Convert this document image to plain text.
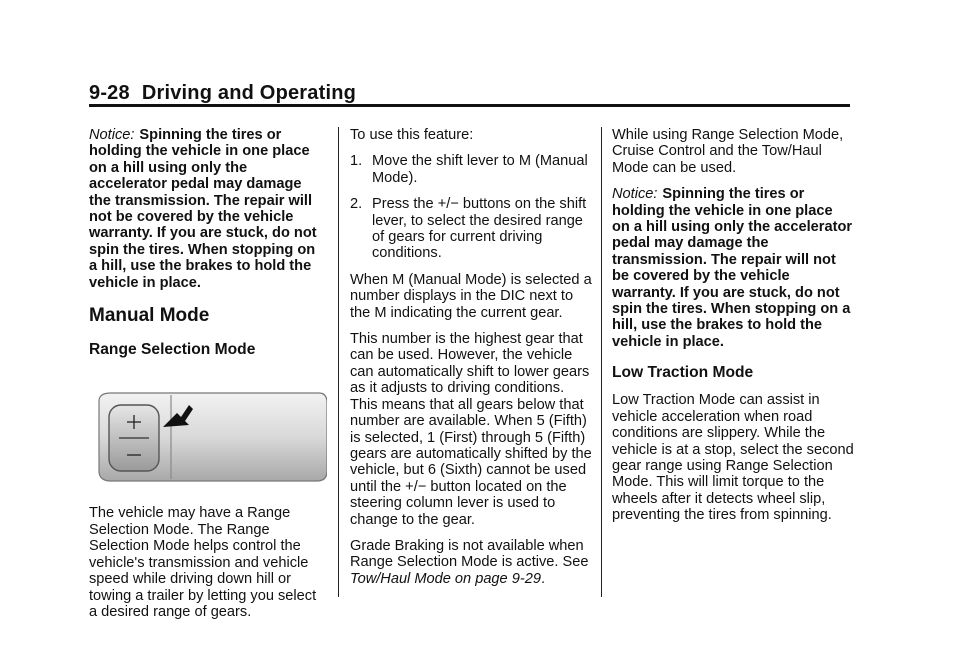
9-28 Driving and Operating

Notice: Spinning the tires or holding the vehicle in one place on a hill using only the accelerator pedal may damage the transmission. The repair will not be covered by the vehicle warranty. If you are stuck, do not spin the tires. When stopping on a hill, use the brakes to hold the vehicle in place.

Manual Mode
Range Selection Mode

The vehicle may have a Range Selection Mode. The Range Selection Mode helps control the vehicle's transmission and vehicle speed while driving down hill or towing a trailer by letting you select a desired range of gears.

To use this feature:

1. Move the shift lever to M (Manual Mode).
2. Press the +/− buttons on the shift lever, to select the desired range of gears for current driving conditions.

When M (Manual Mode) is selected a number displays in the DIC next to the M indicating the current gear.

This number is the highest gear that can be used. However, the vehicle can automatically shift to lower gears as it adjusts to driving conditions. This means that all gears below that number are available. When 5 (Fifth) is selected, 1 (First) through 5 (Fifth) gears are automatically shifted by the vehicle, but 6 (Sixth) cannot be used until the +/− button located on the steering column lever is used to change to the gear.

Grade Braking is not available when Range Selection Mode is active. See Tow/Haul Mode on page 9‑29.

While using Range Selection Mode, Cruise Control and the Tow/Haul Mode can be used.

Notice: Spinning the tires or holding the vehicle in one place on a hill using only the accelerator pedal may damage the transmission. The repair will not be covered by the vehicle warranty. If you are stuck, do not spin the tires. When stopping on a hill, use the brakes to hold the vehicle in place.

Low Traction Mode

Low Traction Mode can assist in vehicle acceleration when road conditions are slippery. While the vehicle is at a stop, select the second gear range using Range Selection Mode. This will limit torque to the wheels after it detects wheel slip, preventing the tires from spinning.
